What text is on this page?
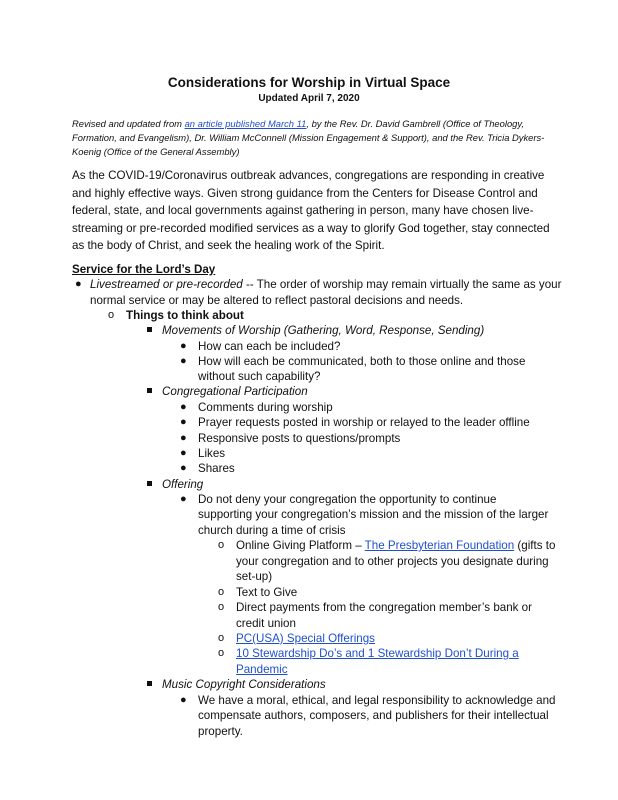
Considerations for Worship in Virtual Space
Updated April 7, 2020
Revised and updated from an article published March 11, by the Rev. Dr. David Gambrell (Office of Theology, Formation, and Evangelism), Dr. William McConnell (Mission Engagement & Support), and the Rev. Tricia Dykers-Koenig (Office of the General Assembly)
As the COVID-19/Coronavirus outbreak advances, congregations are responding in creative and highly effective ways. Given strong guidance from the Centers for Disease Control and federal, state, and local governments against gathering in person, many have chosen live-streaming or pre-recorded modified services as a way to glorify God together, stay connected as the body of Christ, and seek the healing work of the Spirit.
Service for the Lord’s Day
● Livestreamed or pre-recorded -- The order of worship may remain virtually the same as your
normal service or may be altered to reflect pastoral decisions and needs.
o Things to think about
Movements of Worship (Gathering, Word, Response, Sending)
● How can each be included?
● How will each be communicated, both to those online and those
without such capability?
Congregational Participation
● Comments during worship
● Prayer requests posted in worship or relayed to the leader offline
● Responsive posts to questions/prompts
● Likes
● Shares
Offering
● Do not deny your congregation the opportunity to continue
supporting your congregation’s mission and the mission of the larger
church during a time of crisis
o Online Giving Platform – The Presbyterian Foundation (gifts to
your congregation and to other projects you designate during
set-up)
o Text to Give
o Direct payments from the congregation member’s bank or
credit union
o PC(USA) Special Offerings
o 10 Stewardship Do’s and 1 Stewardship Don’t During a
Pandemic
Music Copyright Considerations
● We have a moral, ethical, and legal responsibility to acknowledge and
compensate authors, composers, and publishers for their intellectual
property.
